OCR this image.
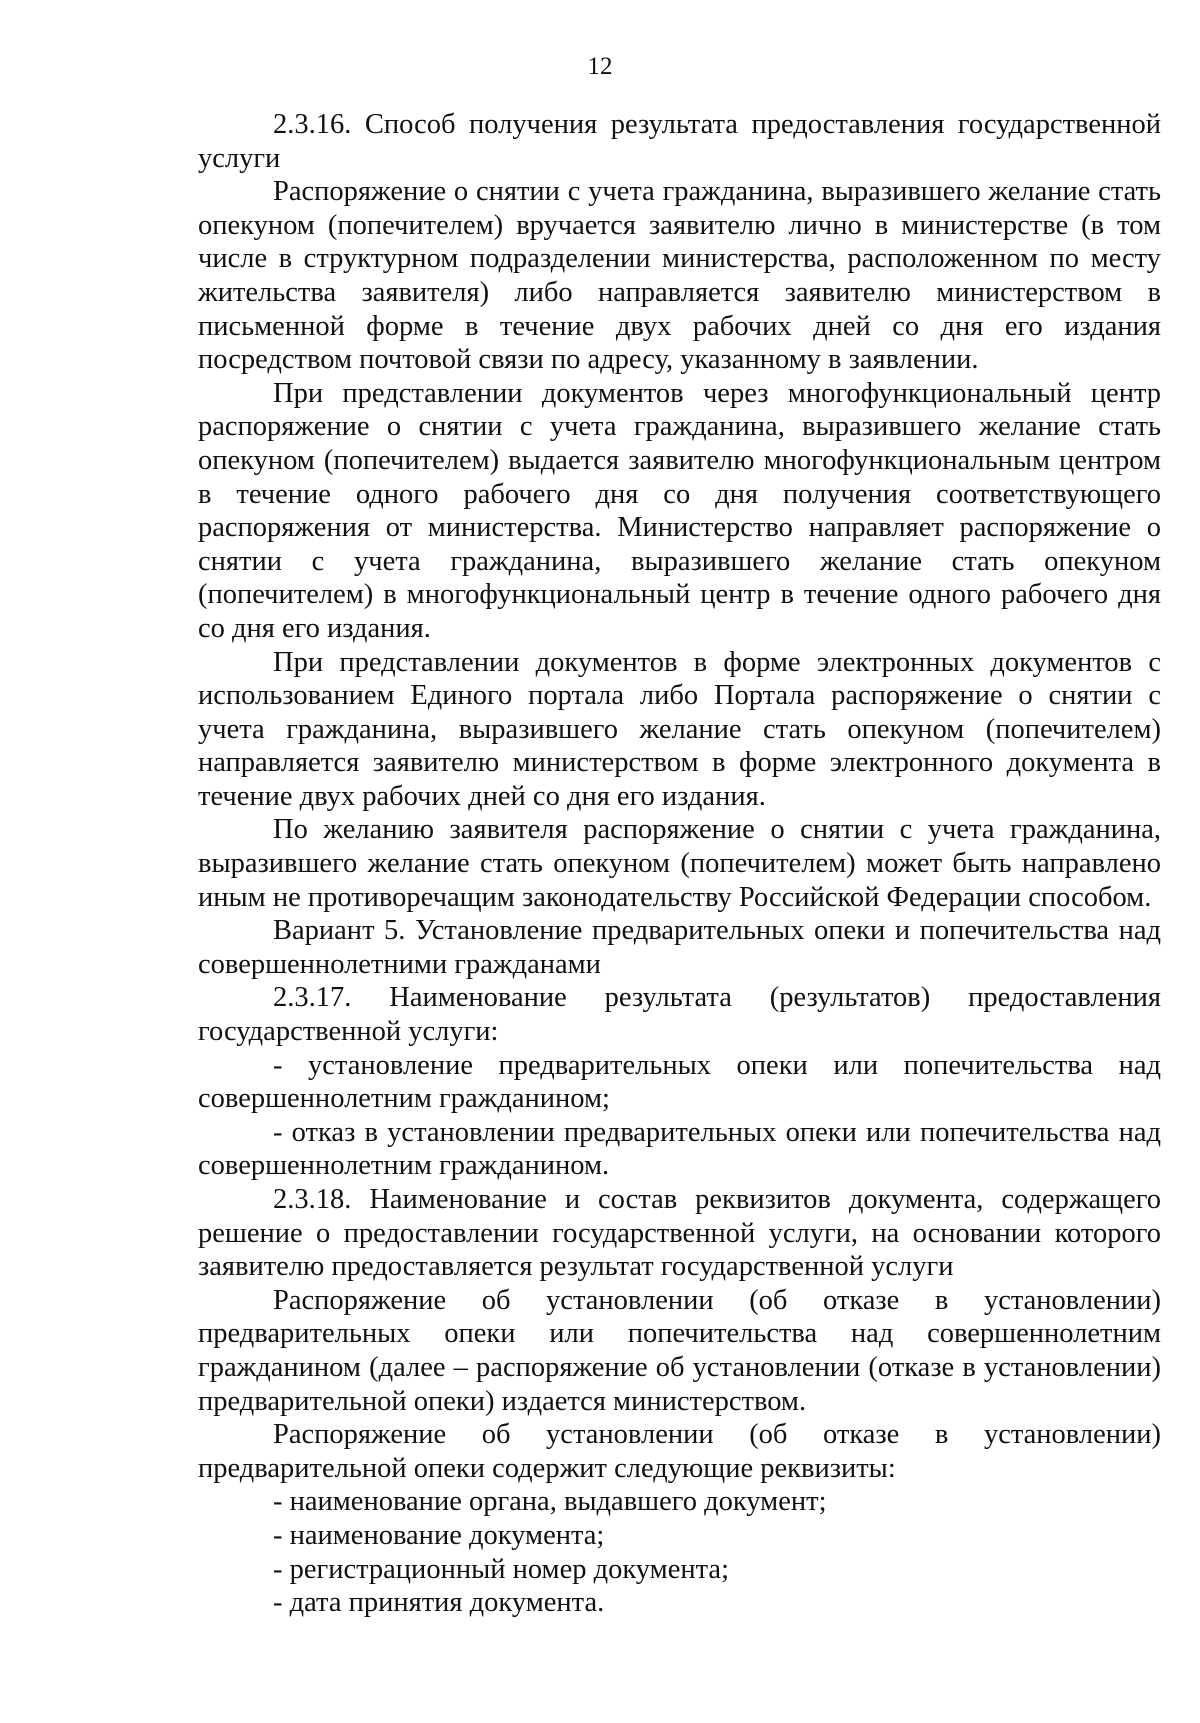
12

2.3.16. Способ получения результата предоставления государственной услуги

Распоряжение о снятии с учета гражданина, выразившего желание стать опекуном (попечителем) вручается заявителю лично в министерстве (в том числе в структурном подразделении министерства, расположенном по месту жительства заявителя) либо направляется заявителю министерством в письменной форме в течение двух рабочих дней со дня его издания посредством почтовой связи по адресу, указанному в заявлении.

При представлении документов через многофункциональный центр распоряжение о снятии с учета гражданина, выразившего желание стать опекуном (попечителем) выдается заявителю многофункциональным центром в течение одного рабочего дня со дня получения соответствующего распоряжения от министерства. Министерство направляет распоряжение о снятии с учета гражданина, выразившего желание стать опекуном (попечителем) в многофункциональный центр в течение одного рабочего дня со дня его издания.

При представлении документов в форме электронных документов с использованием Единого портала либо Портала распоряжение о снятии с учета гражданина, выразившего желание стать опекуном (попечителем) направляется заявителю министерством в форме электронного документа в течение двух рабочих дней со дня его издания.

По желанию заявителя распоряжение о снятии с учета гражданина, выразившего желание стать опекуном (попечителем) может быть направлено иным не противоречащим законодательству Российской Федерации способом.

Вариант 5. Установление предварительных опеки и попечительства над совершеннолетними гражданами

2.3.17. Наименование результата (результатов) предоставления государственной услуги:

- установление предварительных опеки или попечительства над совершеннолетним гражданином;

- отказ в установлении предварительных опеки или попечительства над совершеннолетним гражданином.

2.3.18. Наименование и состав реквизитов документа, содержащего решение о предоставлении государственной услуги, на основании которого заявителю предоставляется результат государственной услуги

Распоряжение об установлении (об отказе в установлении) предварительных опеки или попечительства над совершеннолетним гражданином (далее – распоряжение об установлении (отказе в установлении) предварительной опеки) издается министерством.

Распоряжение об установлении (об отказе в установлении) предварительной опеки содержит следующие реквизиты:

- наименование органа, выдавшего документ;

- наименование документа;

- регистрационный номер документа;

- дата принятия документа.
